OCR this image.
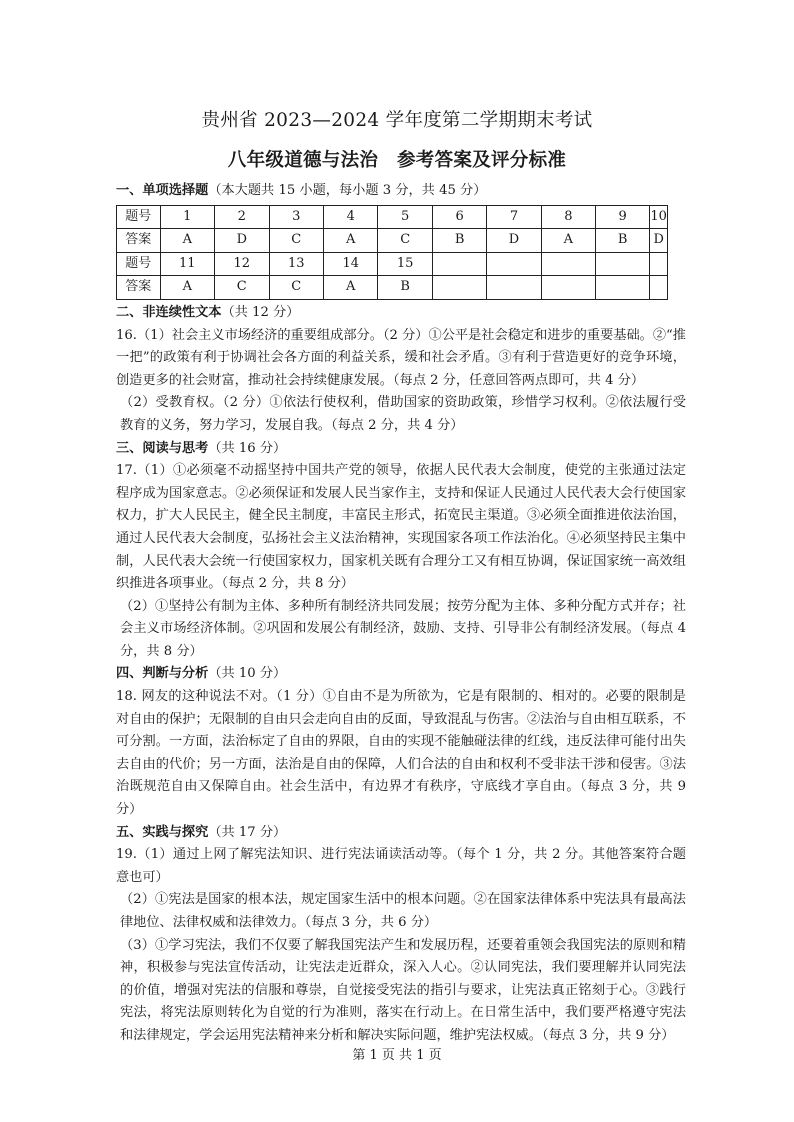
贵州省 2023—2024 学年度第二学期期末考试
八年级道德与法治　参考答案及评分标准

一、单项选择题（本大题共 15 小题，每小题 3 分，共 45 分）

题号	1	2	3	4	5	6	7	8	9	10
答案	A	D	C	A	C	B	D	A	B	D
题号	11	12	13	14	15					
答案	A	C	C	A	B					

二、非连续性文本（共 12 分）

16.（1）社会主义市场经济的重要组成部分。（2 分）①公平是社会稳定和进步的重要基础。②“推一把”的政策有利于协调社会各方面的利益关系，缓和社会矛盾。③有利于营造更好的竞争环境，创造更多的社会财富，推动社会持续健康发展。（每点 2 分，任意回答两点即可，共 4 分）

（2）受教育权。（2 分）①依法行使权利，借助国家的资助政策，珍惜学习权利。②依法履行受教育的义务，努力学习，发展自我。（每点 2 分，共 4 分）

三、阅读与思考（共 16 分）

17.（1）①必须毫不动摇坚持中国共产党的领导，依据人民代表大会制度，使党的主张通过法定程序成为国家意志。②必须保证和发展人民当家作主，支持和保证人民通过人民代表大会行使国家权力，扩大人民民主，健全民主制度，丰富民主形式，拓宽民主渠道。③必须全面推进依法治国，通过人民代表大会制度，弘扬社会主义法治精神，实现国家各项工作法治化。④必须坚持民主集中制，人民代表大会统一行使国家权力，国家机关既有合理分工又有相互协调，保证国家统一高效组织推进各项事业。（每点 2 分，共 8 分）

（2）①坚持公有制为主体、多种所有制经济共同发展；按劳分配为主体、多种分配方式并存；社会主义市场经济体制。②巩固和发展公有制经济，鼓励、支持、引导非公有制经济发展。（每点 4 分，共 8 分）

四、判断与分析（共 10 分）

18. 网友的这种说法不对。（1 分）①自由不是为所欲为，它是有限制的、相对的。必要的限制是对自由的保护；无限制的自由只会走向自由的反面，导致混乱与伤害。②法治与自由相互联系，不可分割。一方面，法治标定了自由的界限，自由的实现不能触碰法律的红线，违反法律可能付出失去自由的代价；另一方面，法治是自由的保障，人们合法的自由和权利不受非法干涉和侵害。③法治既规范自由又保障自由。社会生活中，有边界才有秩序，守底线才享自由。（每点 3 分，共 9 分）

五、实践与探究（共 17 分）

19.（1）通过上网了解宪法知识、进行宪法诵读活动等。（每个 1 分，共 2 分。其他答案符合题意也可）

（2）①宪法是国家的根本法，规定国家生活中的根本问题。②在国家法律体系中宪法具有最高法律地位、法律权威和法律效力。（每点 3 分，共 6 分）

（3）①学习宪法，我们不仅要了解我国宪法产生和发展历程，还要着重领会我国宪法的原则和精神，积极参与宪法宣传活动，让宪法走近群众，深入人心。②认同宪法，我们要理解并认同宪法的价值，增强对宪法的信服和尊崇，自觉接受宪法的指引与要求，让宪法真正铭刻于心。③践行宪法，将宪法原则转化为自觉的行为准则，落实在行动上。在日常生活中，我们要严格遵守宪法和法律规定，学会运用宪法精神来分析和解决实际问题，维护宪法权威。（每点 3 分，共 9 分）

第 1 页 共 1 页
